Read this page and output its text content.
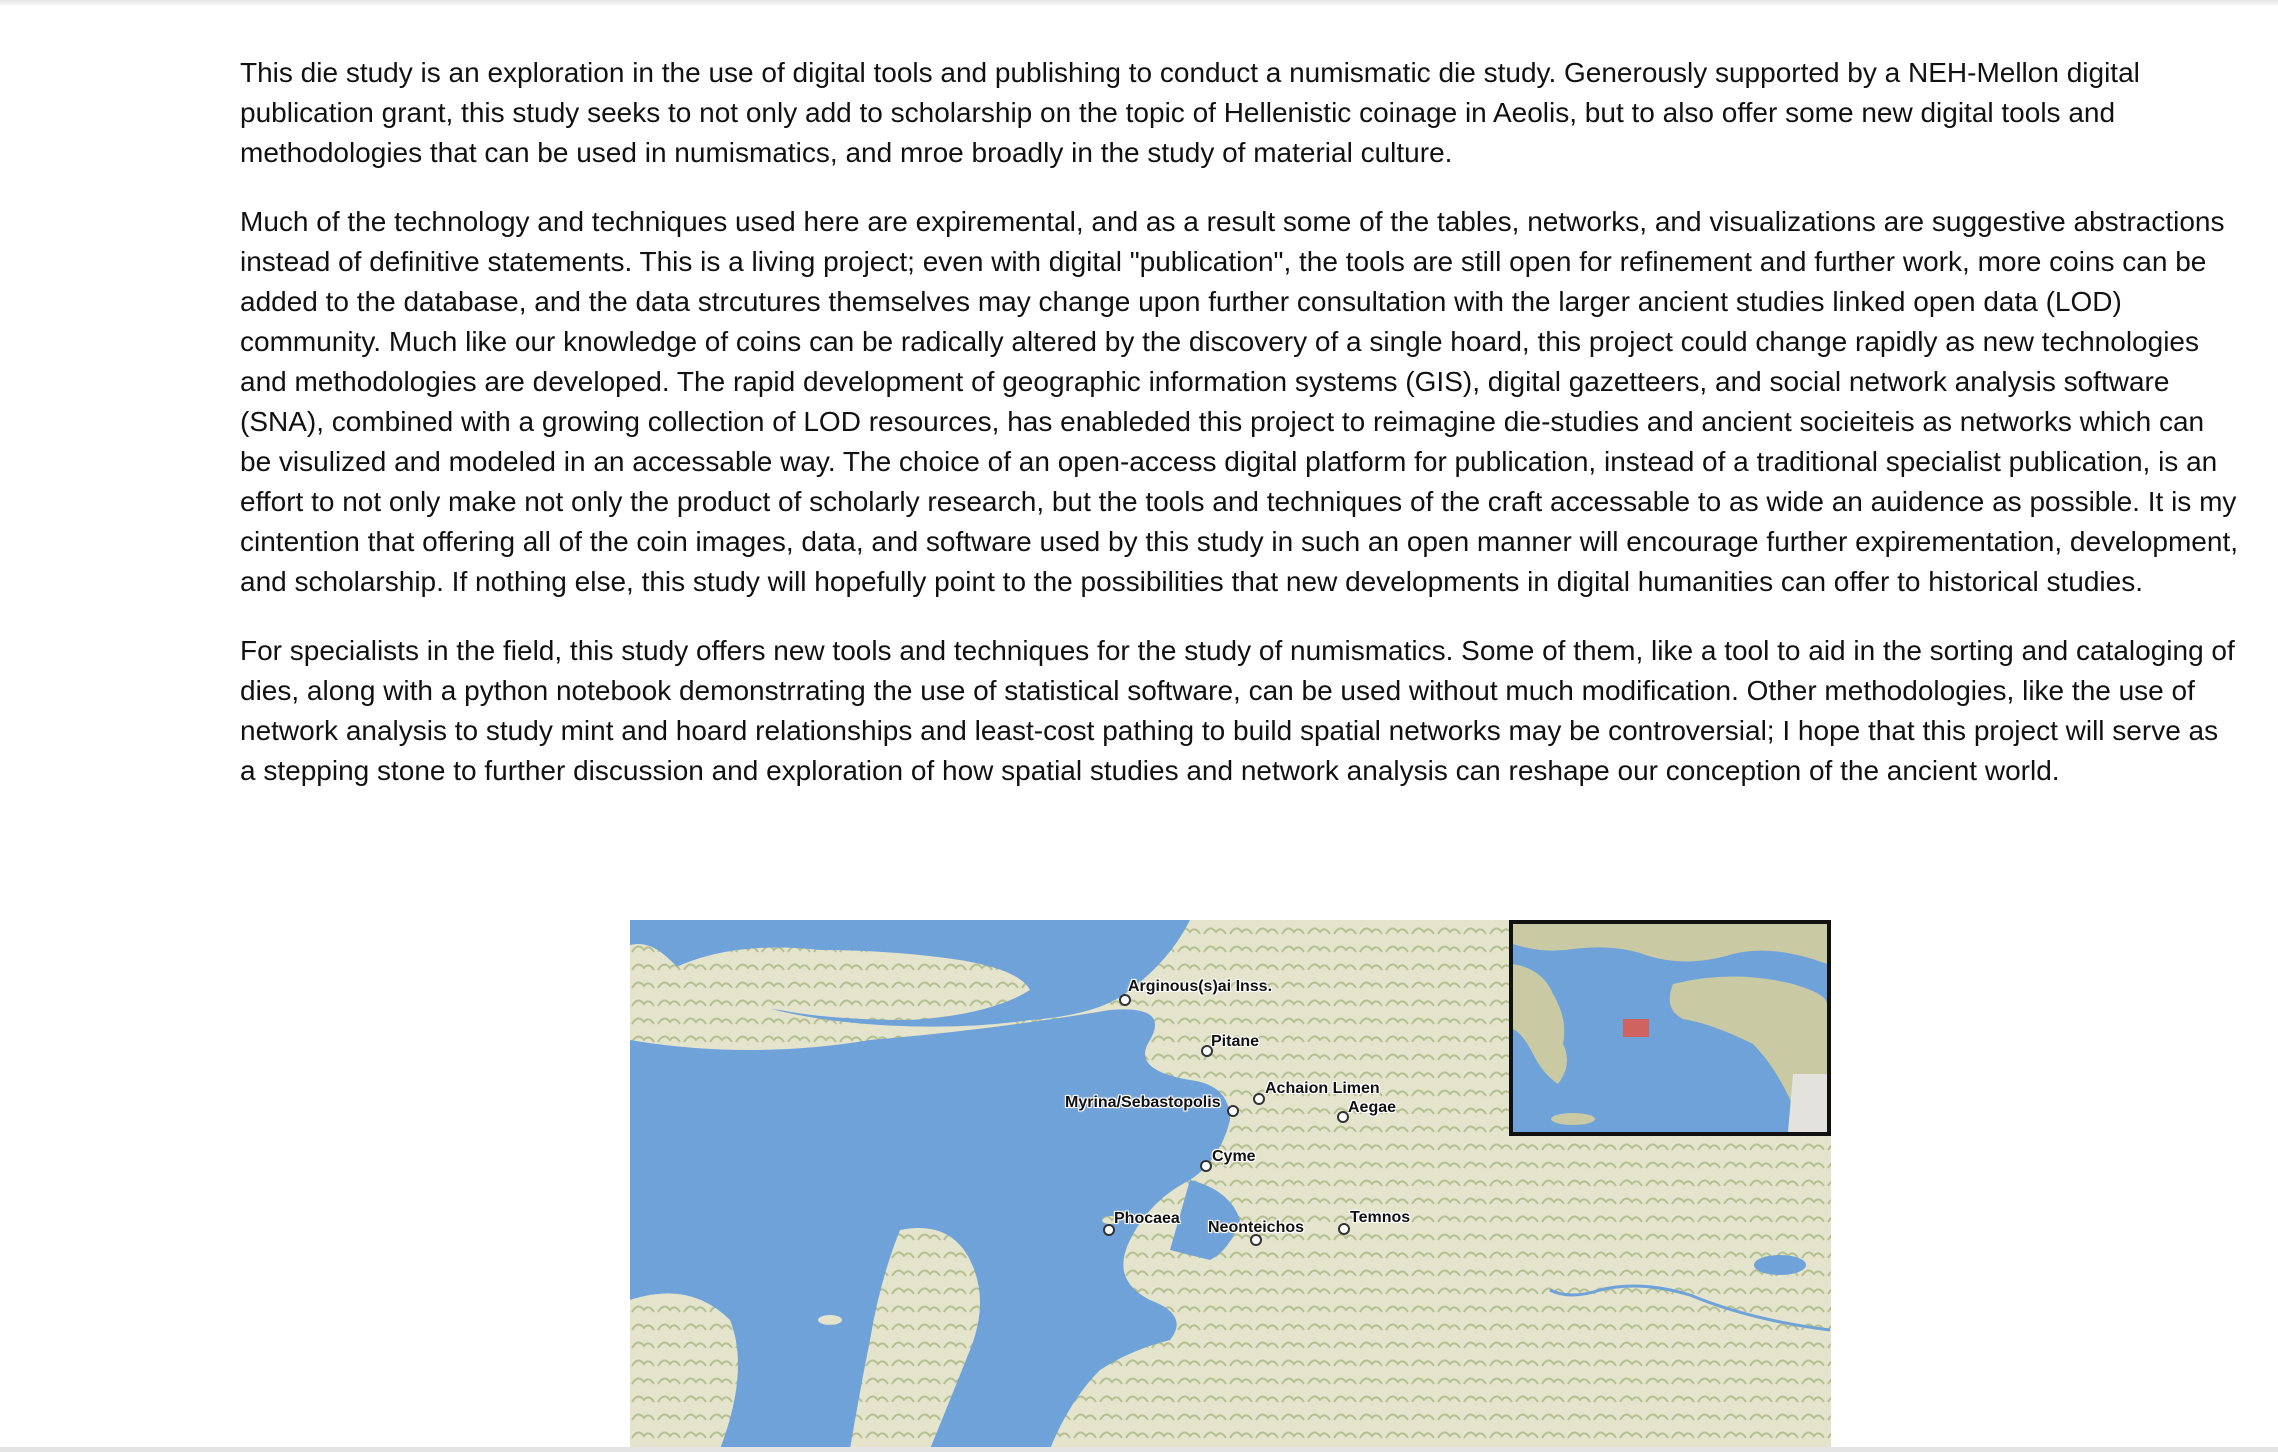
This die study is an exploration in the use of digital tools and publishing to conduct a numismatic die study. Generously supported by a NEH-Mellon digital publication grant, this study seeks to not only add to scholarship on the topic of Hellenistic coinage in Aeolis, but to also offer some new digital tools and methodologies that can be used in numismatics, and mroe broadly in the study of material culture.

Much of the technology and techniques used here are expiremental, and as a result some of the tables, networks, and visualizations are suggestive abstractions instead of definitive statements. This is a living project; even with digital "publication", the tools are still open for refinement and further work, more coins can be added to the database, and the data strcutures themselves may change upon further consultation with the larger ancient studies linked open data (LOD) community. Much like our knowledge of coins can be radically altered by the discovery of a single hoard, this project could change rapidly as new technologies and methodologies are developed. The rapid development of geographic information systems (GIS), digital gazetteers, and social network analysis software (SNA), combined with a growing collection of LOD resources, has enableded this project to reimagine die-studies and ancient socieiteis as networks which can be visulized and modeled in an accessable way. The choice of an open-access digital platform for publication, instead of a traditional specialist publication, is an effort to not only make not only the product of scholarly research, but the tools and techniques of the craft accessable to as wide an auidence as possible. It is my cintention that offering all of the coin images, data, and software used by this study in such an open manner will encourage further expirementation, development, and scholarship. If nothing else, this study will hopefully point to the possibilities that new developments in digital humanities can offer to historical studies.

For specialists in the field, this study offers new tools and techniques for the study of numismatics. Some of them, like a tool to aid in the sorting and cataloging of dies, along with a python notebook demonstrrating the use of statistical software, can be used without much modification. Other methodologies, like the use of network analysis to study mint and hoard relationships and least-cost pathing to build spatial networks may be controversial; I hope that this project will serve as a stepping stone to further discussion and exploration of how spatial studies and network analysis can reshape our conception of the ancient world.

Arginous(s)ai Inss.
Pitane
Achaion Limen
Myrina/Sebastopolis	Aegae
Cyme
Phocaea
Neonteichos
Temnos
